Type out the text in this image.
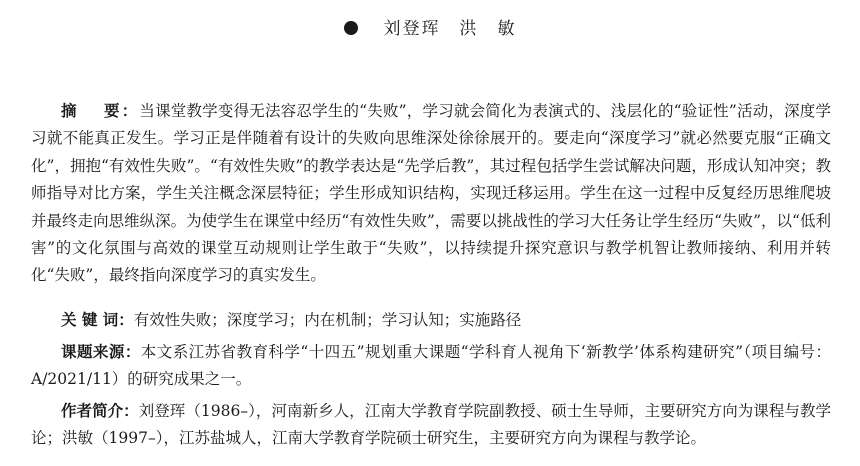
刘登珲　洪　敏
摘　 要：当课堂教学变得无法容忍学生的“失败”，学习就会简化为表演式的、浅层化的“验证性”活动，深度学习就不能真正发生。学习正是伴随着有设计的失败向思维深处徐徐展开的。要走向“深度学习”就必然要克服“正确文化”，拥抱“有效性失败”。“有效性失败”的教学表达是“先学后教”，其过程包括学生尝试解决问题，形成认知冲突；教师指导对比方案，学生关注概念深层特征；学生形成知识结构，实现迁移运用。学生在这一过程中反复经历思维爬坡并最终走向思维纵深。为使学生在课堂中经历“有效性失败”，需要以挑战性的学习大任务让学生经历“失败”，以“低利害”的文化氛围与高效的课堂互动规则让学生敢于“失败”，以持续提升探究意识与教学机智让教师接纳、利用并转化“失败”，最终指向深度学习的真实发生。
关 键 词：有效性失败；深度学习；内在机制；学习认知；实施路径
课题来源：本文系江苏省教育科学“十四五”规划重大课题“学科育人视角下‘新教学’体系构建研究”（项目编号：A/2021/11）的研究成果之一。
作者简介：刘登珲（1986–），河南新乡人，江南大学教育学院副教授、硕士生导师，主要研究方向为课程与教学论；洪敏（1997–），江苏盐城人，江南大学教育学院硕士研究生，主要研究方向为课程与教学论。
